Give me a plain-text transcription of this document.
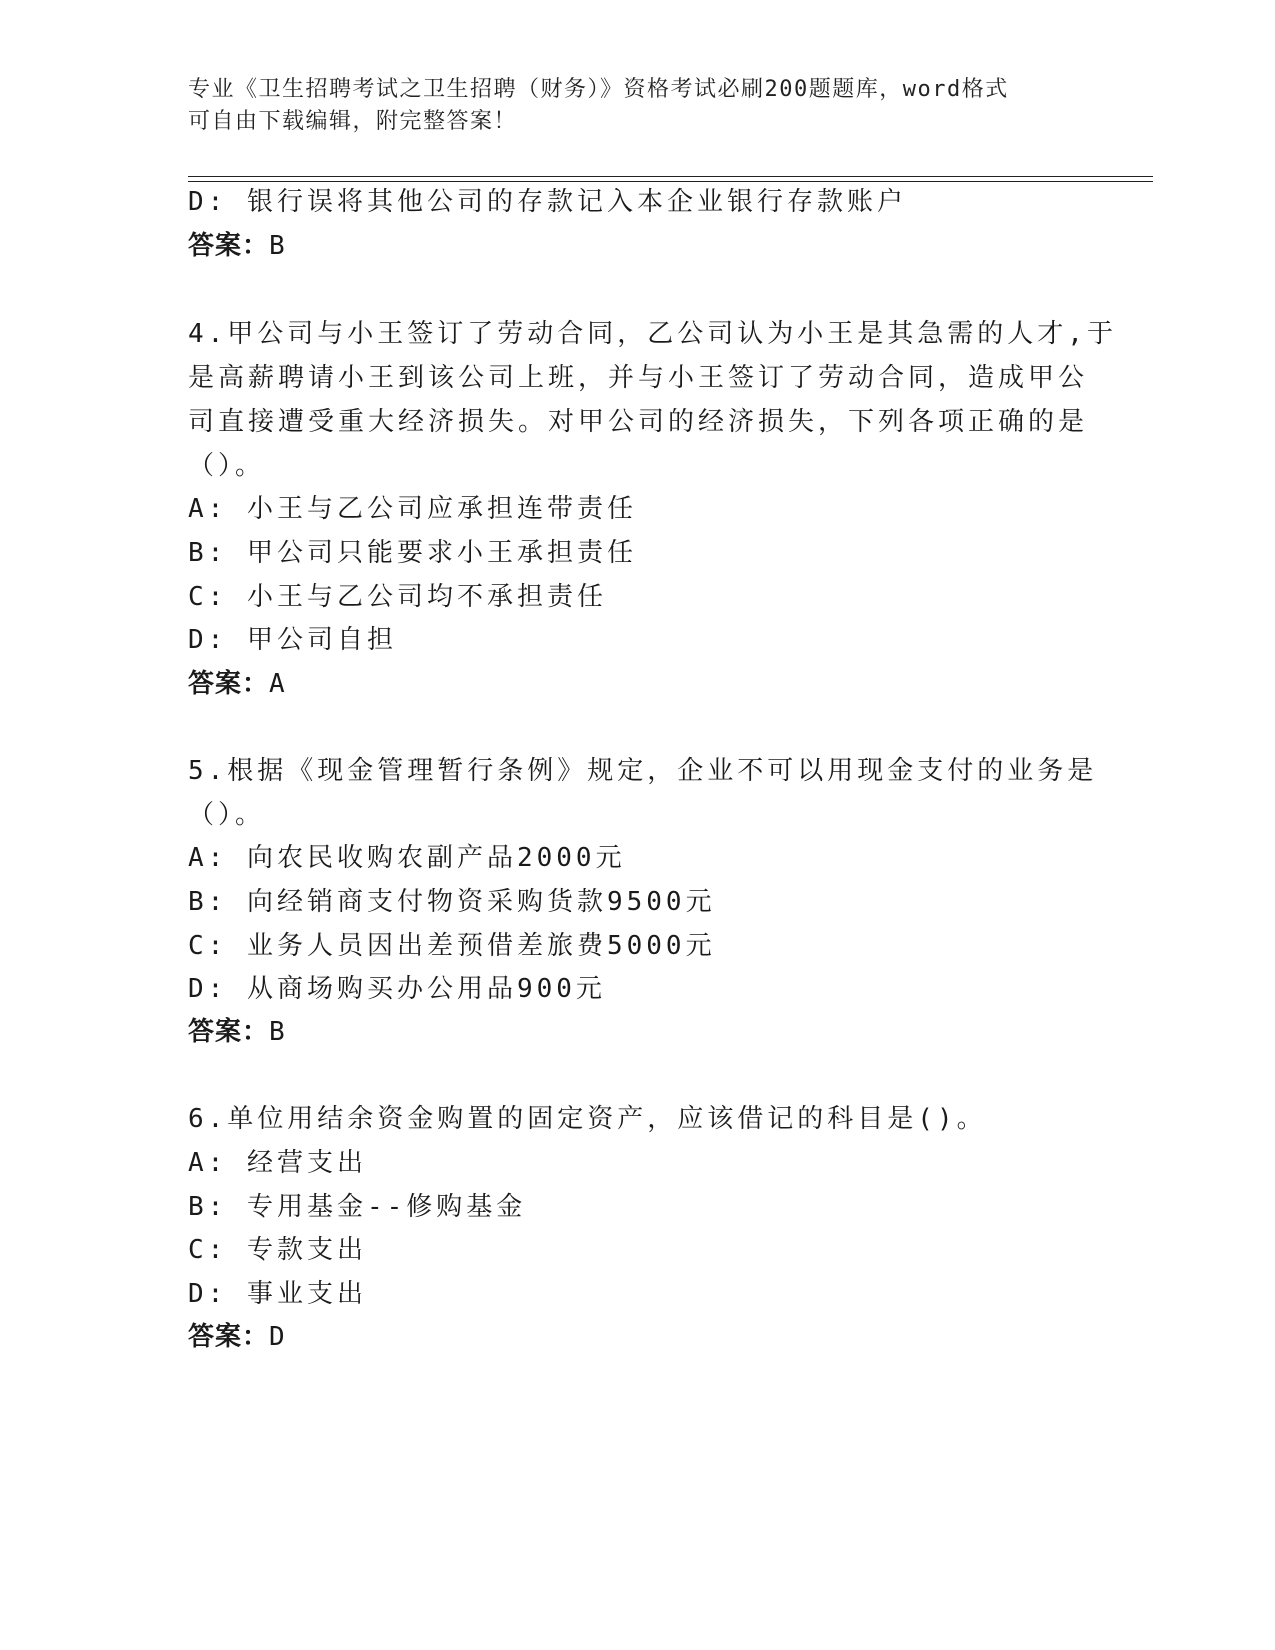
专业《卫生招聘考试之卫生招聘（财务）》资格考试必刷200题题库，word格式
可自由下载编辑，附完整答案！
D: 银行误将其他公司的存款记入本企业银行存款账户
答案：B
4.甲公司与小王签订了劳动合同，乙公司认为小王是其急需的人才,于
是高薪聘请小王到该公司上班，并与小王签订了劳动合同，造成甲公
司直接遭受重大经济损失。对甲公司的经济损失，下列各项正确的是
（）。
A: 小王与乙公司应承担连带责任
B: 甲公司只能要求小王承担责任
C: 小王与乙公司均不承担责任
D: 甲公司自担
答案：A
5.根据《现金管理暂行条例》规定，企业不可以用现金支付的业务是
（）。
A: 向农民收购农副产品2000元
B: 向经销商支付物资采购货款9500元
C: 业务人员因出差预借差旅费5000元
D: 从商场购买办公用品900元
答案：B
6.单位用结余资金购置的固定资产，应该借记的科目是()。
A: 经营支出
B: 专用基金--修购基金
C: 专款支出
D: 事业支出
答案：D
